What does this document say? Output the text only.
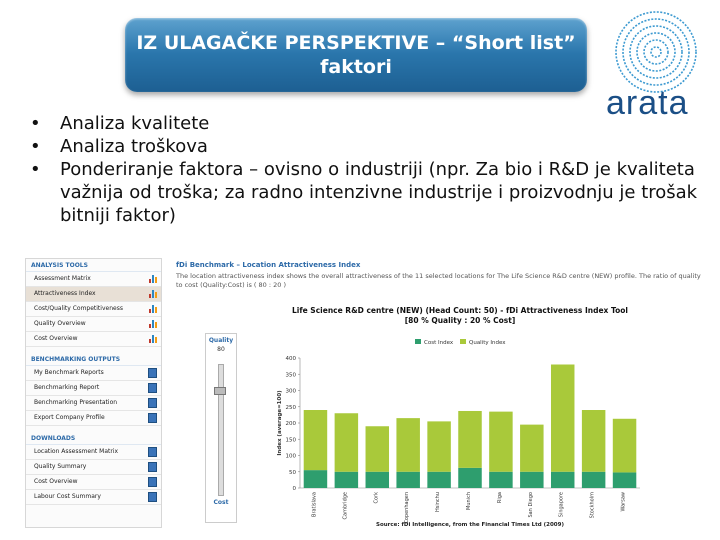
IZ ULAGAČKE PERSPEKTIVE – “Short list”
faktori
arata
• Analiza kvalitete
• Analiza troškova
• Ponderiranje faktora – ovisno o industriji (npr. Za bio i R&D je kvaliteta važnija od troška; za radno intenzivne industrije i proizvodnju je trošak bitniji faktor)
ANALYSIS TOOLS
Assessment Matrix
Attractiveness Index
Cost/Quality Competitiveness
Quality Overview
Cost Overview
BENCHMARKING OUTPUTS
My Benchmark Reports
Benchmarking Report
Benchmarking Presentation
Export Company Profile
DOWNLOADS
Location Assessment Matrix
Quality Summary
Cost Overview
Labour Cost Summary
fDi Benchmark – Location Attractiveness Index
The location attractiveness index shows the overall attractiveness of the 11 selected locations for The Life Science R&D centre (NEW) profile. The ratio of quality to cost (Quality:Cost) is ( 80 : 20 )
Quality
80
Cost
Life Science R&D centre (NEW) (Head Count: 50) - fDi Attractiveness Index Tool
[80 % Quality : 20 % Cost]
Cost Index	Quality Index
0
50
100
150
200
250
300
350
400
Index (average=100)
Bratislava	Cambridge	Cork	Copenhagen	Hsinchu	Munich	Riga	San Diego	Singapore	Stockholm	Warsaw
Source: fDi Intelligence, from the Financial Times Ltd (2009)
